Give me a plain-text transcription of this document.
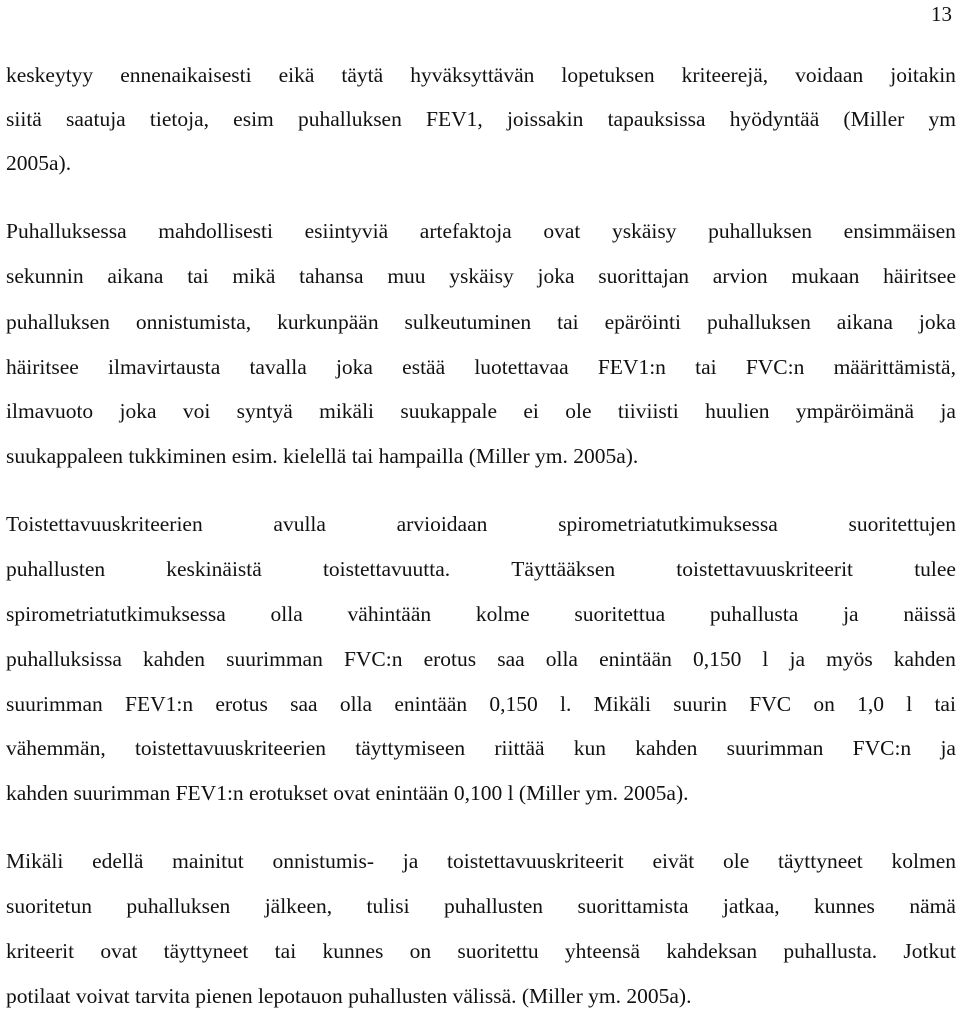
13
keskeytyy ennenaikaisesti eikä täytä hyväksyttävän lopetuksen kriteerejä, voidaan joitakin
siitä saatuja tietoja, esim puhalluksen FEV1, joissakin tapauksissa hyödyntää (Miller ym
2005a).
Puhalluksessa mahdollisesti esiintyviä artefaktoja ovat yskäisy puhalluksen ensimmäisen
sekunnin aikana tai mikä tahansa muu yskäisy joka suorittajan arvion mukaan häiritsee
puhalluksen onnistumista, kurkunpään sulkeutuminen tai epäröinti puhalluksen aikana joka
häiritsee ilmavirtausta tavalla joka estää luotettavaa FEV1:n tai FVC:n määrittämistä,
ilmavuoto joka voi syntyä mikäli suukappale ei ole tiiviisti huulien ympäröimänä ja
suukappaleen tukkiminen esim. kielellä tai hampailla (Miller ym. 2005a).
Toistettavuuskriteerien	avulla	arvioidaan	spirometriatutkimuksessa	suoritettujen
puhallusten	keskinäistä	toistettavuutta.	Täyttääksen	toistettavuuskriteerit	tulee
spirometriatutkimuksessa olla vähintään kolme suoritettua puhallusta ja näissä
puhalluksissa kahden suurimman FVC:n erotus saa olla enintään 0,150 l ja myös kahden
suurimman FEV1:n erotus saa olla enintään 0,150 l. Mikäli suurin FVC on 1,0 l tai
vähemmän, toistettavuuskriteerien täyttymiseen riittää kun kahden suurimman FVC:n ja
kahden suurimman FEV1:n erotukset ovat enintään 0,100 l (Miller ym. 2005a).
Mikäli edellä mainitut onnistumis- ja toistettavuuskriteerit eivät ole täyttyneet kolmen
suoritetun puhalluksen jälkeen, tulisi puhallusten suorittamista jatkaa, kunnes nämä
kriteerit ovat täyttyneet tai kunnes on suoritettu yhteensä kahdeksan puhallusta. Jotkut
potilaat voivat tarvita pienen lepotauon puhallusten välissä. (Miller ym. 2005a).
